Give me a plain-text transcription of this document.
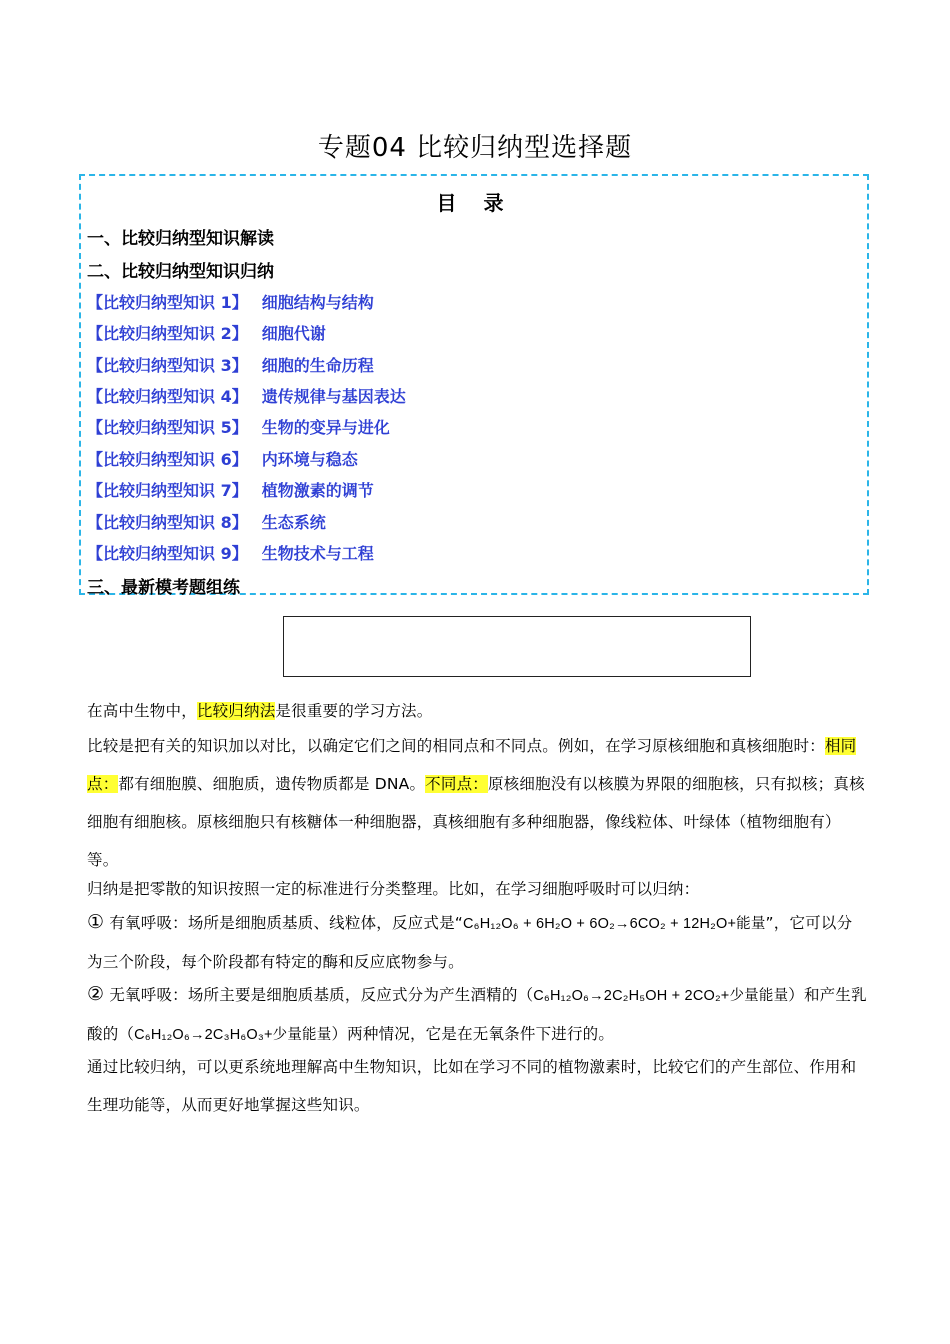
专题04 比较归纳型选择题
目 录
一、比较归纳型知识解读
二、比较归纳型知识归纳
【比较归纳型知识 1】 细胞结构与结构
【比较归纳型知识 2】 细胞代谢
【比较归纳型知识 3】 细胞的生命历程
【比较归纳型知识 4】 遗传规律与基因表达
【比较归纳型知识 5】 生物的变异与进化
【比较归纳型知识 6】 内环境与稳态
【比较归纳型知识 7】 植物激素的调节
【比较归纳型知识 8】 生态系统
【比较归纳型知识 9】 生物技术与工程
三、最新模考题组练

在高中生物中，比较归纳法是很重要的学习方法。

比较是把有关的知识加以对比，以确定它们之间的相同点和不同点。例如，在学习原核细胞和真核细胞时：相同点：都有细胞膜、细胞质，遗传物质都是 DNA。不同点：原核细胞没有以核膜为界限的细胞核，只有拟核；真核细胞有细胞核。原核细胞只有核糖体一种细胞器，真核细胞有多种细胞器，像线粒体、叶绿体（植物细胞有）等。

归纳是把零散的知识按照一定的标准进行分类整理。比如，在学习细胞呼吸时可以归纳：

① 有氧呼吸：场所是细胞质基质、线粒体，反应式是“C₆H₁₂O₆ + 6H₂O + 6O₂→6CO₂ + 12H₂O+能量”，它可以分为三个阶段，每个阶段都有特定的酶和反应底物参与。

② 无氧呼吸：场所主要是细胞质基质，反应式分为产生酒精的（C₆H₁₂O₆→2C₂H₅OH + 2CO₂+少量能量）和产生乳酸的（C₆H₁₂O₆→2C₃H₆O₃+少量能量）两种情况，它是在无氧条件下进行的。

通过比较归纳，可以更系统地理解高中生物知识，比如在学习不同的植物激素时，比较它们的产生部位、作用和生理功能等，从而更好地掌握这些知识。
